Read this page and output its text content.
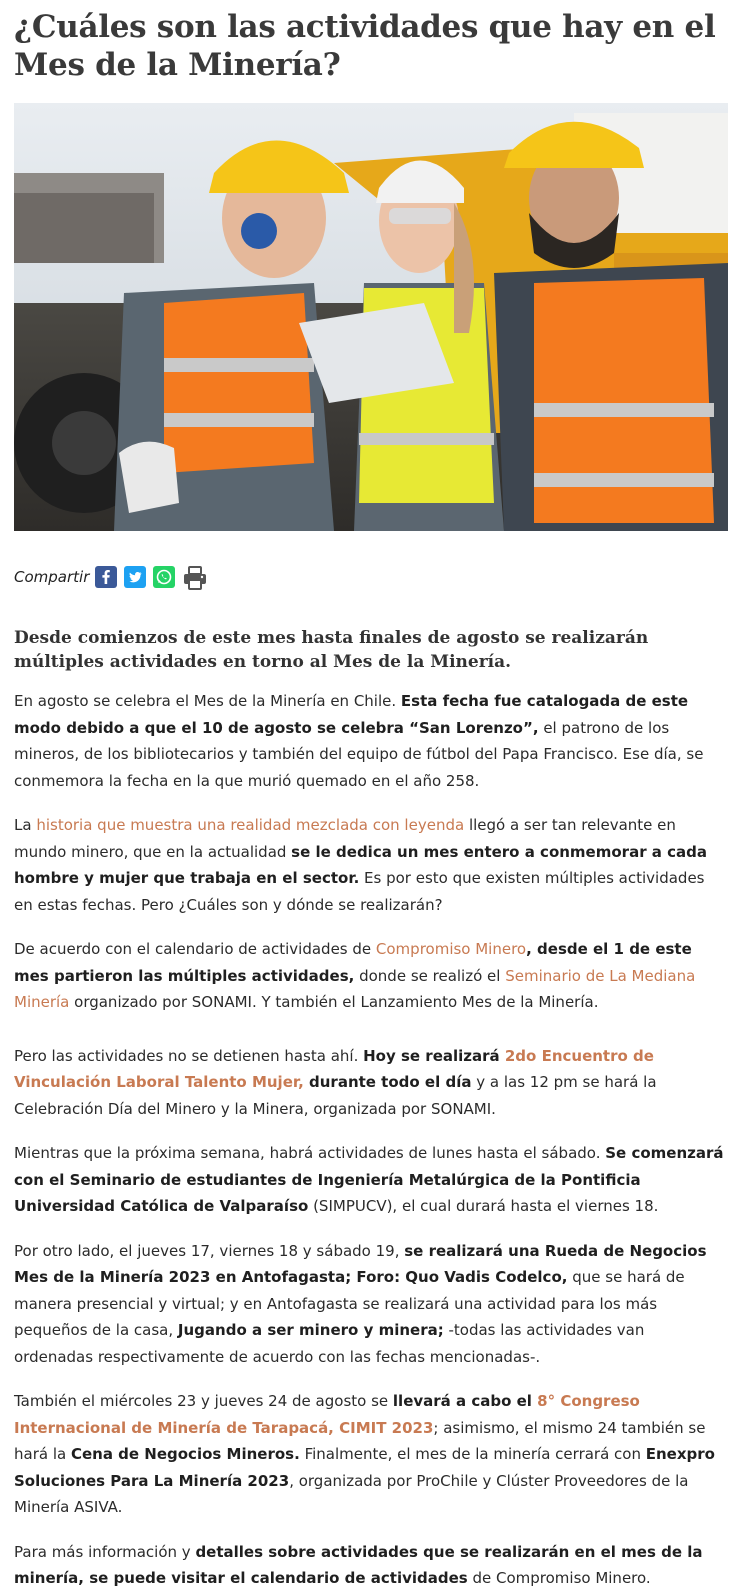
¿Cuáles son las actividades que hay en el Mes de la Minería?
Compartir
Desde comienzos de este mes hasta finales de agosto se realizarán múltiples actividades en torno al Mes de la Minería.

En agosto se celebra el Mes de la Minería en Chile. Esta fecha fue catalogada de este modo debido a que el 10 de agosto se celebra “San Lorenzo”, el patrono de los mineros, de los bibliotecarios y también del equipo de fútbol del Papa Francisco. Ese día, se conmemora la fecha en la que murió quemado en el año 258.

La historia que muestra una realidad mezclada con leyenda llegó a ser tan relevante en mundo minero, que en la actualidad se le dedica un mes entero a conmemorar a cada hombre y mujer que trabaja en el sector. Es por esto que existen múltiples actividades en estas fechas. Pero ¿Cuáles son y dónde se realizarán?

De acuerdo con el calendario de actividades de Compromiso Minero, desde el 1 de este mes partieron las múltiples actividades, donde se realizó el Seminario de La Mediana Minería organizado por SONAMI. Y también el Lanzamiento Mes de la Minería.

Pero las actividades no se detienen hasta ahí. Hoy se realizará 2do Encuentro de Vinculación Laboral Talento Mujer, durante todo el día y a las 12 pm se hará la Celebración Día del Minero y la Minera, organizada por SONAMI.

Mientras que la próxima semana, habrá actividades de lunes hasta el sábado. Se comenzará con el Seminario de estudiantes de Ingeniería Metalúrgica de la Pontificia Universidad Católica de Valparaíso (SIMPUCV), el cual durará hasta el viernes 18.

Por otro lado, el jueves 17, viernes 18 y sábado 19, se realizará una Rueda de Negocios Mes de la Minería 2023 en Antofagasta; Foro: Quo Vadis Codelco, que se hará de manera presencial y virtual; y en Antofagasta se realizará una actividad para los más pequeños de la casa, Jugando a ser minero y minera; -todas las actividades van ordenadas respectivamente de acuerdo con las fechas mencionadas-.

También el miércoles 23 y jueves 24 de agosto se llevará a cabo el 8° Congreso Internacional de Minería de Tarapacá, CIMIT 2023; asimismo, el mismo 24 también se hará la Cena de Negocios Mineros. Finalmente, el mes de la minería cerrará con Enexpro Soluciones Para La Minería 2023, organizada por ProChile y Clúster Proveedores de la Minería ASIVA.

Para más información y detalles sobre actividades que se realizarán en el mes de la minería, se puede visitar el calendario de actividades de Compromiso Minero.
